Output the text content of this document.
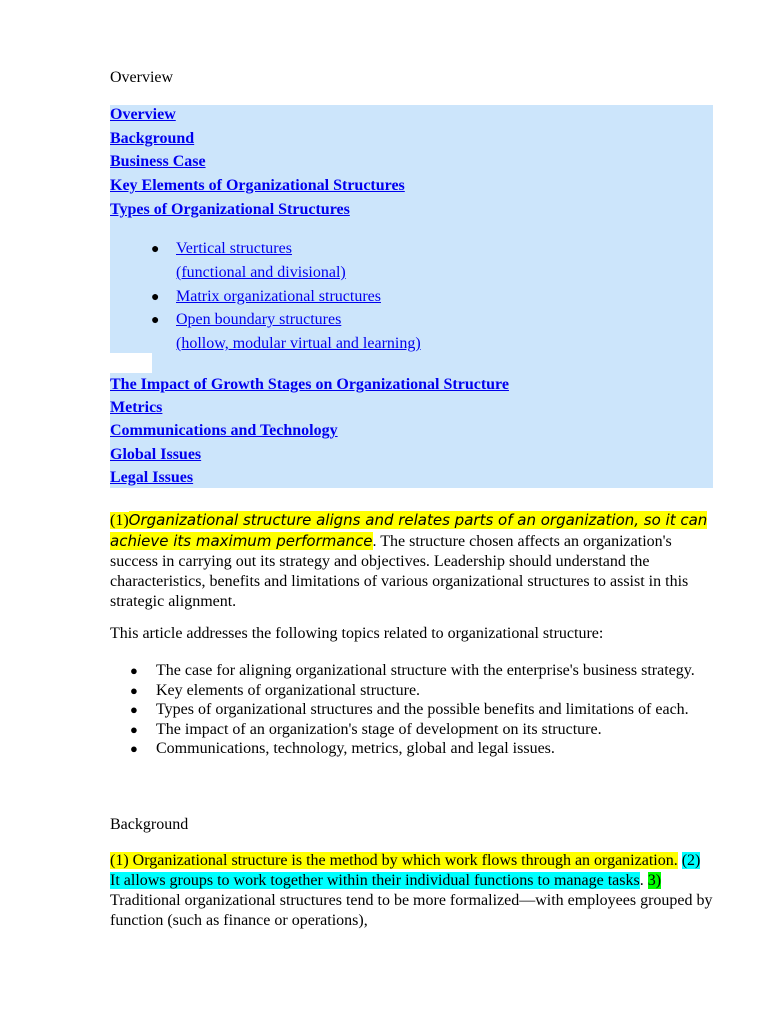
Overview
Overview
Background
Business Case
Key Elements of Organizational Structures
Types of Organizational Structures
● Vertical structures
(functional and divisional)
● Matrix organizational structures
● Open boundary structures
(hollow, modular virtual and learning)
The Impact of Growth Stages on Organizational Structure
Metrics
Communications and Technology
Global Issues
Legal Issues
(1)Organizational structure aligns and relates parts of an organization, so it can achieve its maximum performance. The structure chosen affects an organization's success in carrying out its strategy and objectives. Leadership should understand the characteristics, benefits and limitations of various organizational structures to assist in this strategic alignment.
This article addresses the following topics related to organizational structure:
● The case for aligning organizational structure with the enterprise's business strategy.
● Key elements of organizational structure.
● Types of organizational structures and the possible benefits and limitations of each.
● The impact of an organization's stage of development on its structure.
● Communications, technology, metrics, global and legal issues.
Background
(1) Organizational structure is the method by which work flows through an organization. (2) It allows groups to work together within their individual functions to manage tasks. 3) Traditional organizational structures tend to be more formalized—with employees grouped by function (such as finance or operations),
